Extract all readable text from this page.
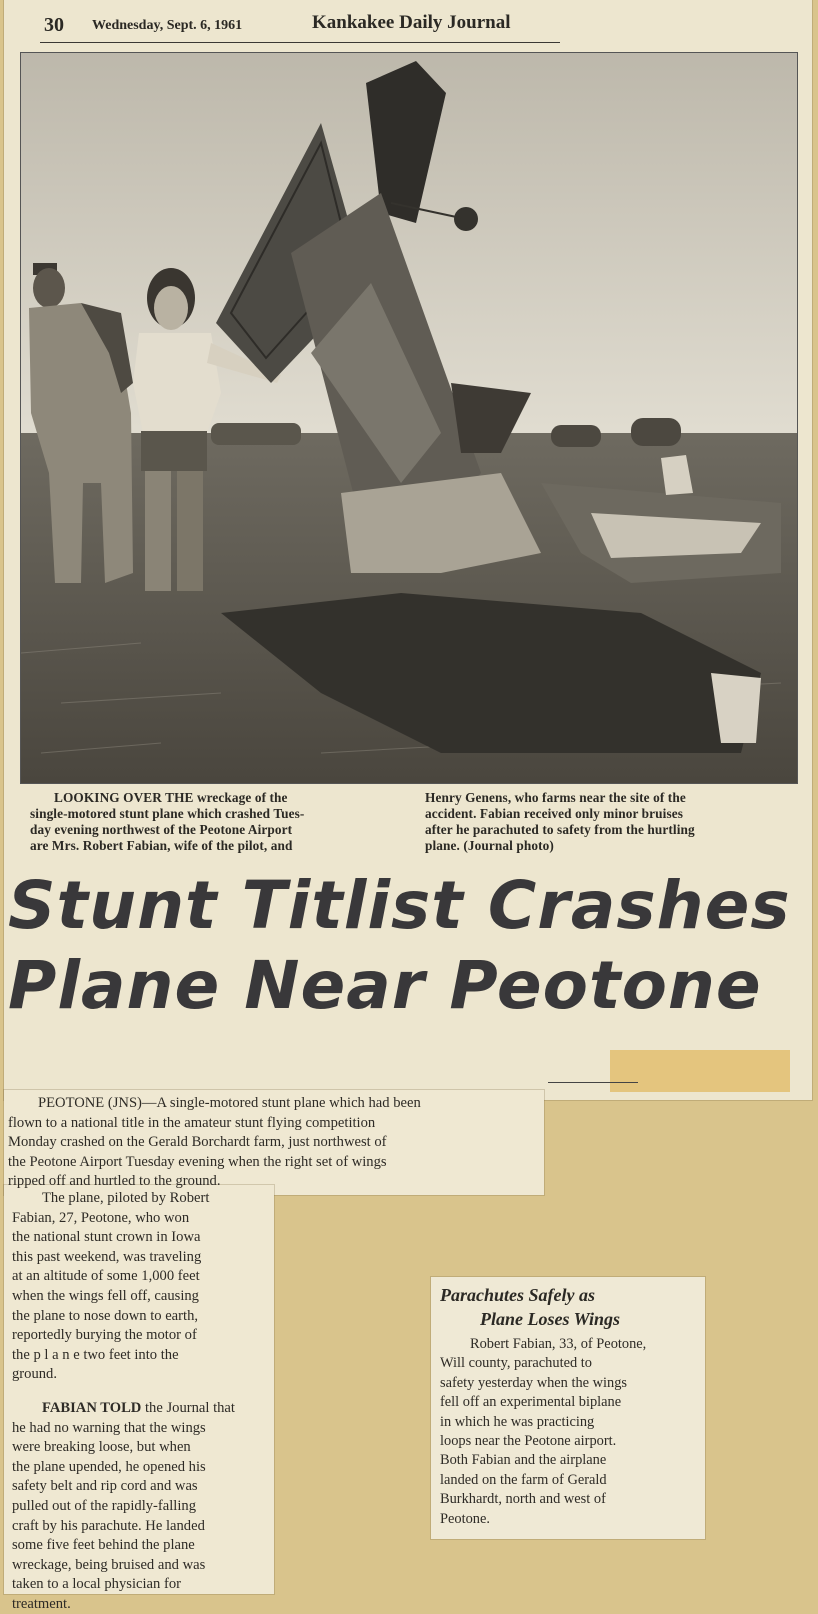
30 Wednesday, Sept. 6, 1961	Kankakee Daily Journal
LOOKING OVER THE wreckage of the
single-motored stunt plane which crashed Tues-
day evening northwest of the Peotone Airport
are Mrs. Robert Fabian, wife of the pilot, and
Henry Genens, who farms near the site of the
accident. Fabian received only minor bruises
after he parachuted to safety from the hurtling
plane. (Journal photo)
Stunt Titlist Crashes
Plane Near Peotone
PEOTONE (JNS)—A single-motored stunt plane which had been
flown to a national title in the amateur stunt flying competition
Monday crashed on the Gerald Borchardt farm, just northwest of
the Peotone Airport Tuesday evening when the right set of wings
ripped off and hurtled to the ground.
The plane, piloted by Robert
Fabian, 27, Peotone, who won
the national stunt crown in Iowa
this past weekend, was traveling
at an altitude of some 1,000 feet
when the wings fell off, causing
the plane to nose down to earth,
reportedly burying the motor of
the p l a n e two feet into the
ground.
FABIAN TOLD the Journal that
he had no warning that the wings
were breaking loose, but when
the plane upended, he opened his
safety belt and rip cord and was
pulled out of the rapidly-falling
craft by his parachute. He landed
some five feet behind the plane
wreckage, being bruised and was
taken to a local physician for
treatment.
Parachutes Safely as
Plane Loses Wings
Robert Fabian, 33, of Peotone,
Will county, parachuted to
safety yesterday when the wings
fell off an experimental biplane
in which he was practicing
loops near the Peotone airport.
Both Fabian and the airplane
landed on the farm of Gerald
Burkhardt, north and west of
Peotone.
